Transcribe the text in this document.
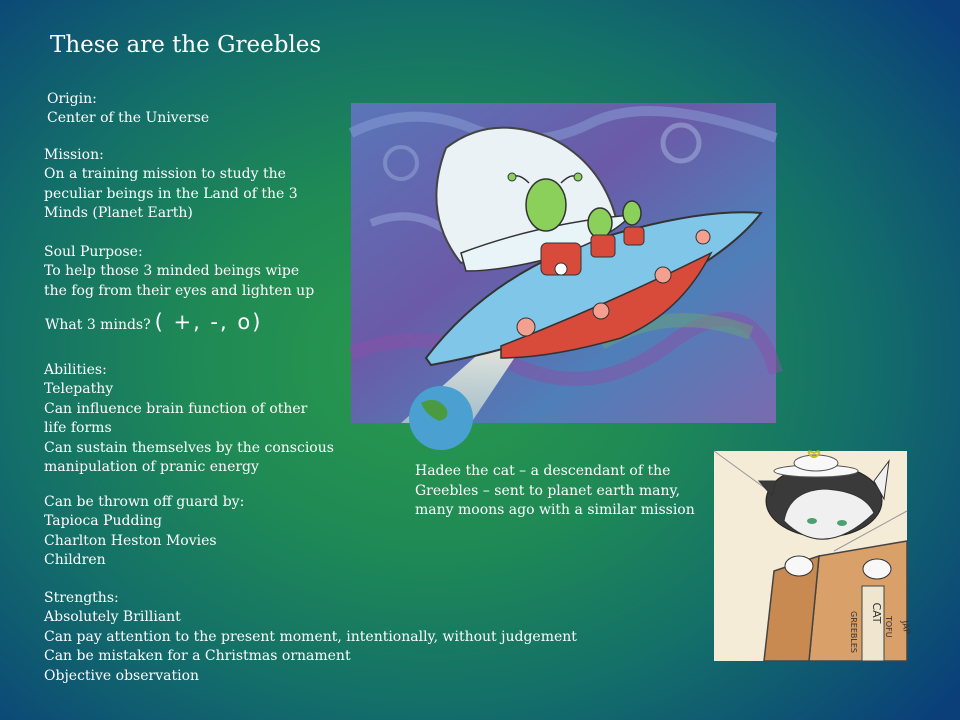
These are the Greebles
Origin:
Center of the Universe
Mission:
On a training mission to study the
peculiar beings in the Land of the 3
Minds (Planet Earth)
Soul Purpose:
To help those 3 minded beings wipe
the fog from their eyes and lighten up
What 3 minds? ( +, -, o)
Abilities:
Telepathy
Can influence brain function of other
life forms
Can sustain themselves by the conscious
manipulation of pranic energy
Can be thrown off guard by:
Tapioca Pudding
Charlton Heston Movies
Children
Strengths:
Absolutely Brilliant
Can pay attention to the present moment, intentionally, without judgement
Can be mistaken for a Christmas ornament
Objective observation
Hadee the cat – a descendant of the
Greebles – sent to planet earth many,
many moons ago with a similar mission
CAT
TOFU
GREEBLES	JAP
